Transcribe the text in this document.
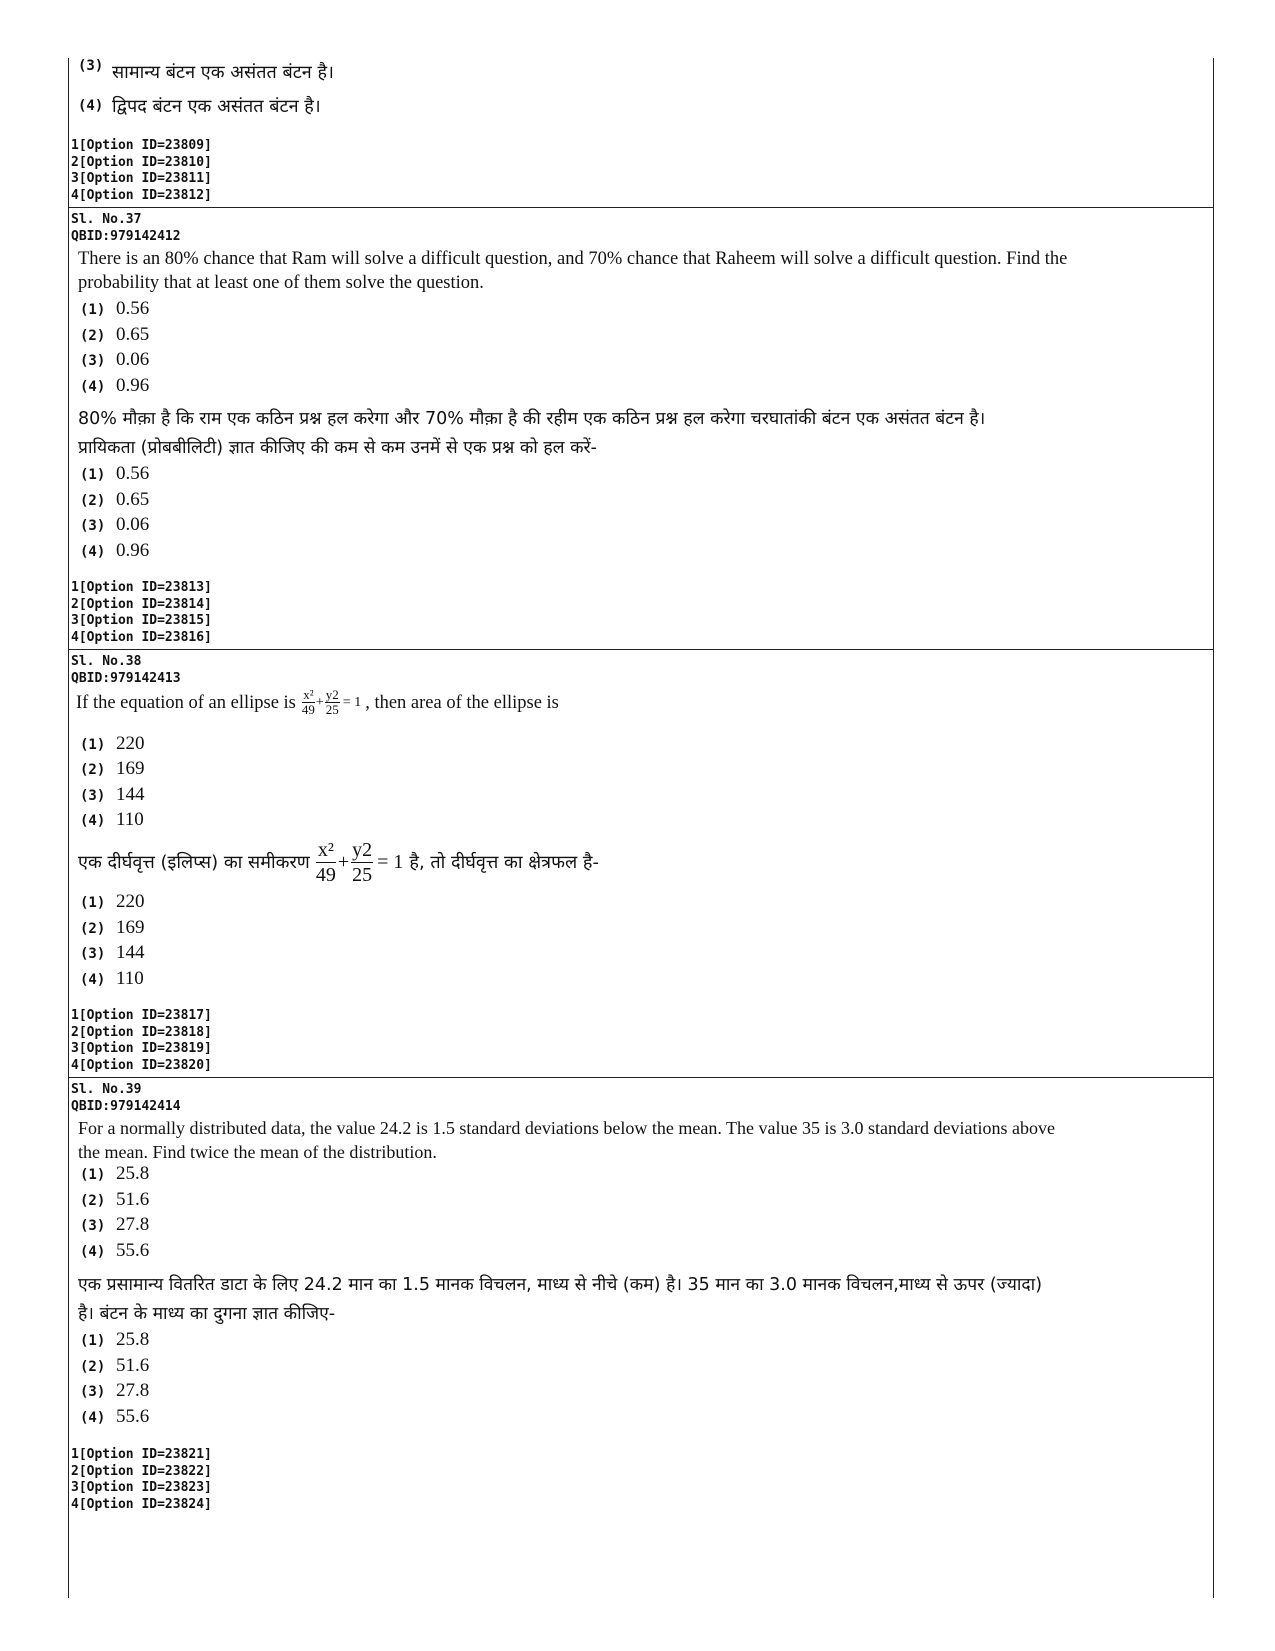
(3) सामान्य बंटन एक असंतत बंटन है।
(4) द्विपद बंटन एक असंतत बंटन है।
1[Option ID=23809]
2[Option ID=23810]
3[Option ID=23811]
4[Option ID=23812]
Sl. No.37
QBID:979142412
There is an 80% chance that Ram will solve a difficult question, and 70% chance that Raheem will solve a difficult question. Find the
probability that at least one of them solve the question.
(1) 0.56
(2) 0.65
(3) 0.06
(4) 0.96
80% मौक़ा है कि राम एक कठिन प्रश्न हल करेगा और 70% मौक़ा है की रहीम एक कठिन प्रश्न हल करेगा चरघातांकी बंटन एक असंतत बंटन है।
प्रायिकता (प्रोबबीलिटी) ज्ञात कीजिए की कम से कम उनमें से एक प्रश्न को हल करें-
(1) 0.56
(2) 0.65
(3) 0.06
(4) 0.96
1[Option ID=23813]
2[Option ID=23814]
3[Option ID=23815]
4[Option ID=23816]
Sl. No.38
QBID:979142413
If the equation of an ellipse is $\frac{\text{x²}}{49} + \frac{y2}{25} = 1$ , then area of the ellipse is
(1) 220
(2) 169
(3) 144
(4) 110
एक दीर्घवृत्त (इलिप्स) का समीकरण $\frac{\text{x²}}{49} + \frac{y2}{25} = 1$ है, तो दीर्घवृत्त का क्षेत्रफल है-
(1) 220
(2) 169
(3) 144
(4) 110
1[Option ID=23817]
2[Option ID=23818]
3[Option ID=23819]
4[Option ID=23820]
Sl. No.39
QBID:979142414
For a normally distributed data, the value 24.2 is 1.5 standard deviations below the mean. The value 35 is 3.0 standard deviations above
the mean. Find twice the mean of the distribution.
(1) 25.8
(2) 51.6
(3) 27.8
(4) 55.6
एक प्रसामान्य वितरित डाटा के लिए 24.2 मान का 1.5 मानक विचलन, माध्य से नीचे (कम) है। 35 मान का 3.0 मानक विचलन,माध्य से ऊपर (ज्यादा)
है। बंटन के माध्य का दुगना ज्ञात कीजिए-
(1) 25.8
(2) 51.6
(3) 27.8
(4) 55.6
1[Option ID=23821]
2[Option ID=23822]
3[Option ID=23823]
4[Option ID=23824]
